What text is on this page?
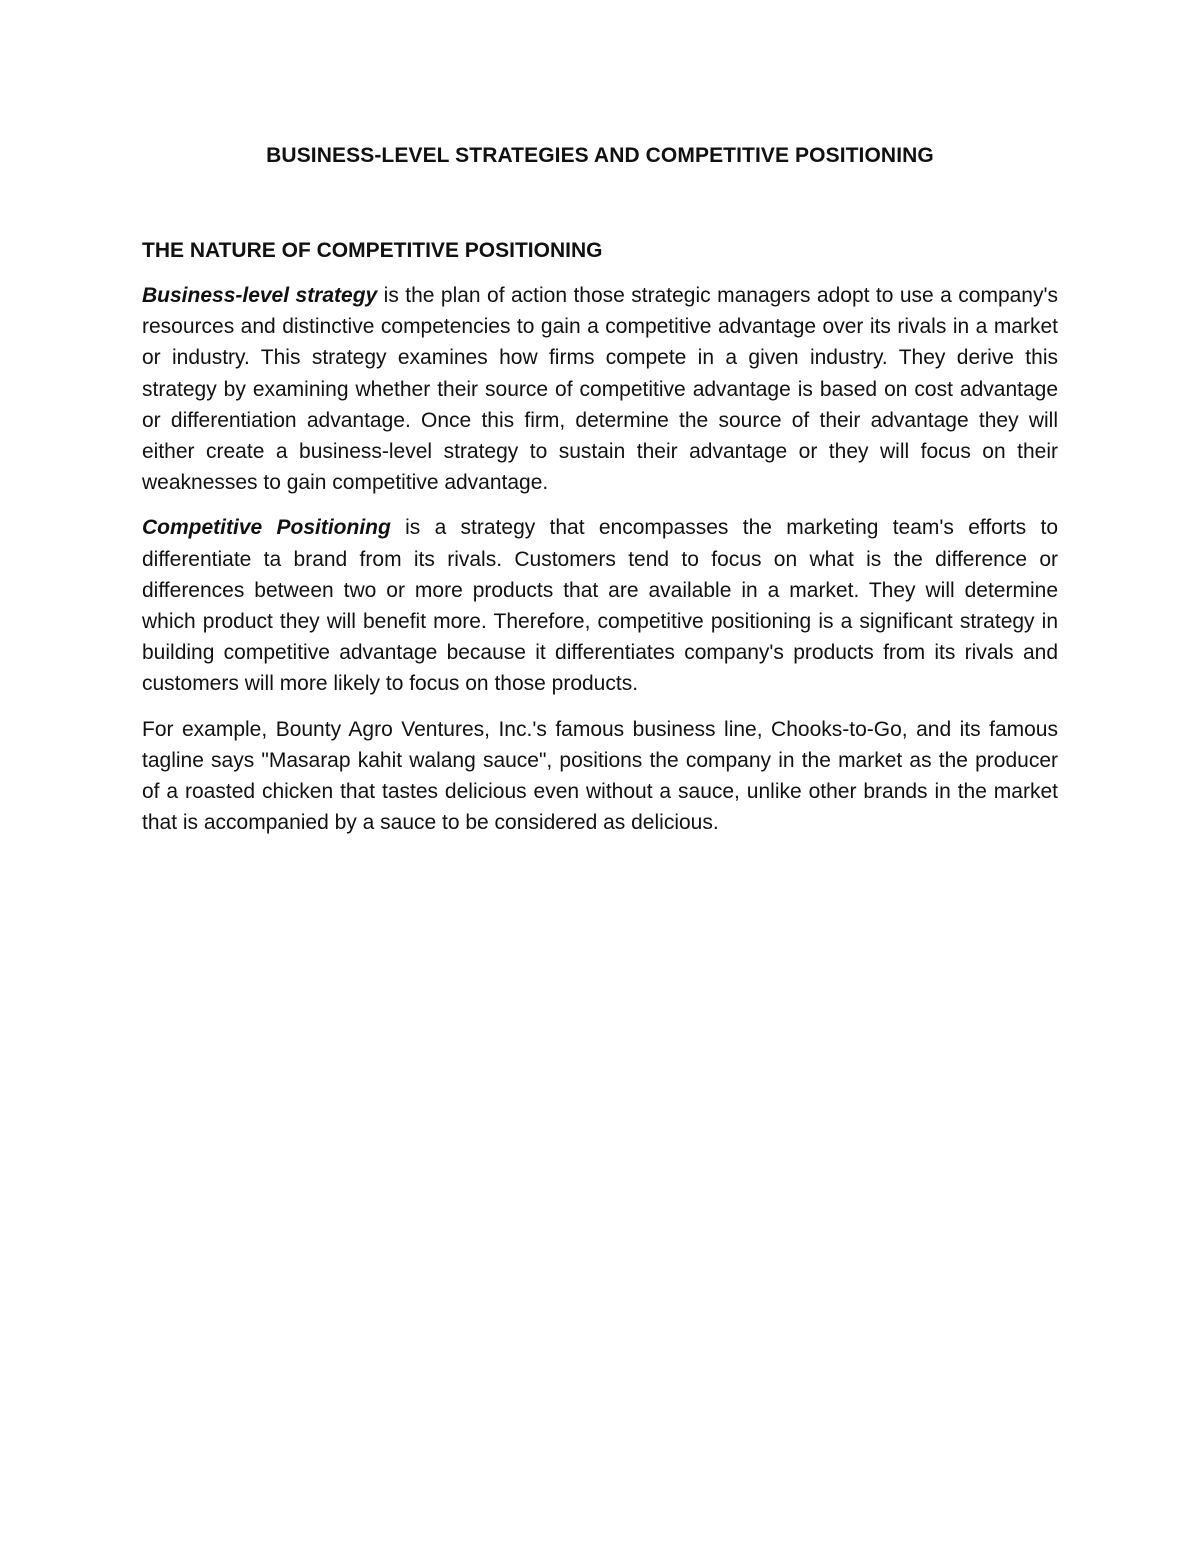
BUSINESS-LEVEL STRATEGIES AND COMPETITIVE POSITIONING
THE NATURE OF COMPETITIVE POSITIONING

Business-level strategy is the plan of action those strategic managers adopt to use a company's resources and distinctive competencies to gain a competitive advantage over its rivals in a market or industry. This strategy examines how firms compete in a given industry. They derive this strategy by examining whether their source of competitive advantage is based on cost advantage or differentiation advantage. Once this firm, determine the source of their advantage they will either create a business-level strategy to sustain their advantage or they will focus on their weaknesses to gain competitive advantage.

Competitive Positioning is a strategy that encompasses the marketing team's efforts to differentiate ta brand from its rivals. Customers tend to focus on what is the difference or differences between two or more products that are available in a market. They will determine which product they will benefit more. Therefore, competitive positioning is a significant strategy in building competitive advantage because it differentiates company's products from its rivals and customers will more likely to focus on those products.

For example, Bounty Agro Ventures, Inc.'s famous business line, Chooks-to-Go, and its famous tagline says "Masarap kahit walang sauce", positions the company in the market as the producer of a roasted chicken that tastes delicious even without a sauce, unlike other brands in the market that is accompanied by a sauce to be considered as delicious.
